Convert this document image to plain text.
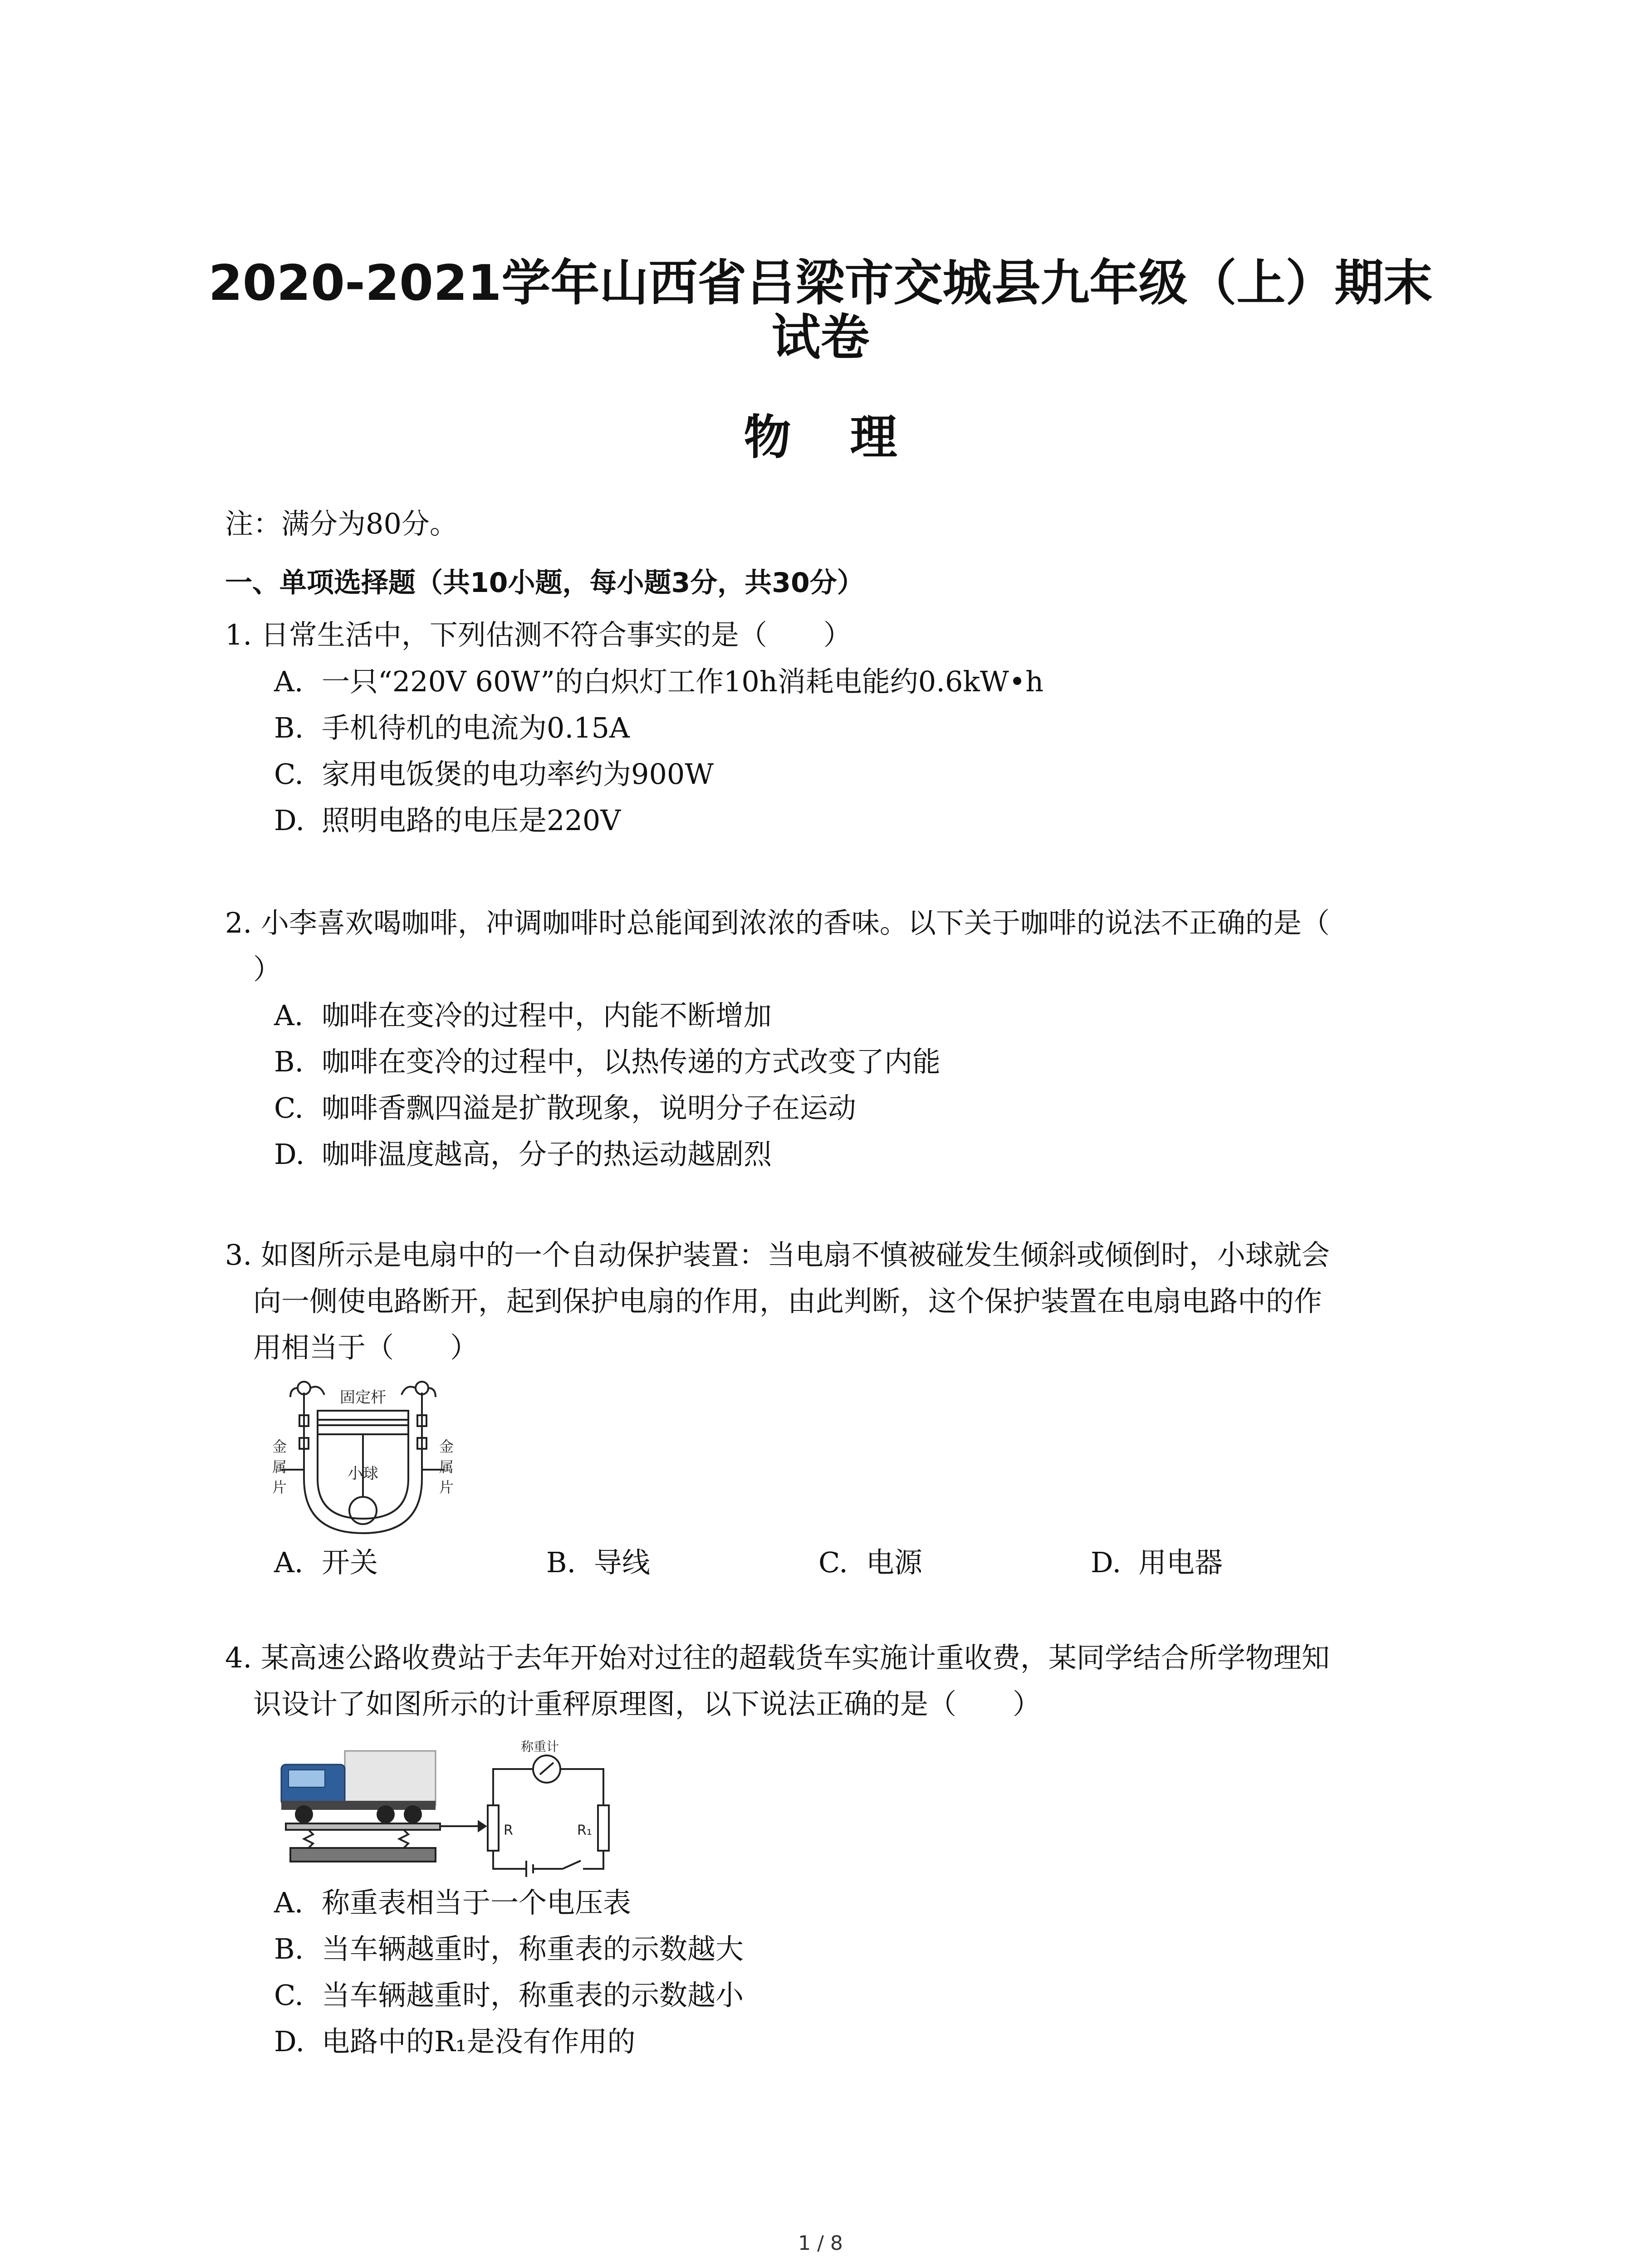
2020-2021学年山西省吕梁市交城县九年级（上）期末
试卷
物理
注：满分为80分。
一、单项选择题（共10小题，每小题3分，共30分）
1. 日常生活中，下列估测不符合事实的是（　　）
A. 一只“220V 60W”的白炽灯工作10h消耗电能约0.6kW•h
B. 手机待机的电流为0.15A
C. 家用电饭煲的电功率约为900W
D. 照明电路的电压是220V
2. 小李喜欢喝咖啡，冲调咖啡时总能闻到浓浓的香味。以下关于咖啡的说法不正确的是（
　）
A. 咖啡在变冷的过程中，内能不断增加
B. 咖啡在变冷的过程中，以热传递的方式改变了内能
C. 咖啡香飘四溢是扩散现象，说明分子在运动
D. 咖啡温度越高，分子的热运动越剧烈
3. 如图所示是电扇中的一个自动保护装置：当电扇不慎被碰发生倾斜或倾倒时，小球就会
　向一侧使电路断开，起到保护电扇的作用，由此判断，这个保护装置在电扇电路中的作
　用相当于（　　）
固定杆
小球
金
属
片
金
属
片
A. 开关	B. 导线	C. 电源	D. 用电器
4. 某高速公路收费站于去年开始对过往的超载货车实施计重收费，某同学结合所学物理知
　识设计了如图所示的计重秤原理图，以下说法正确的是（　　）
称重计
R	R₁
A. 称重表相当于一个电压表
B. 当车辆越重时，称重表的示数越大
C. 当车辆越重时，称重表的示数越小
D. 电路中的R₁是没有作用的
1 / 8
